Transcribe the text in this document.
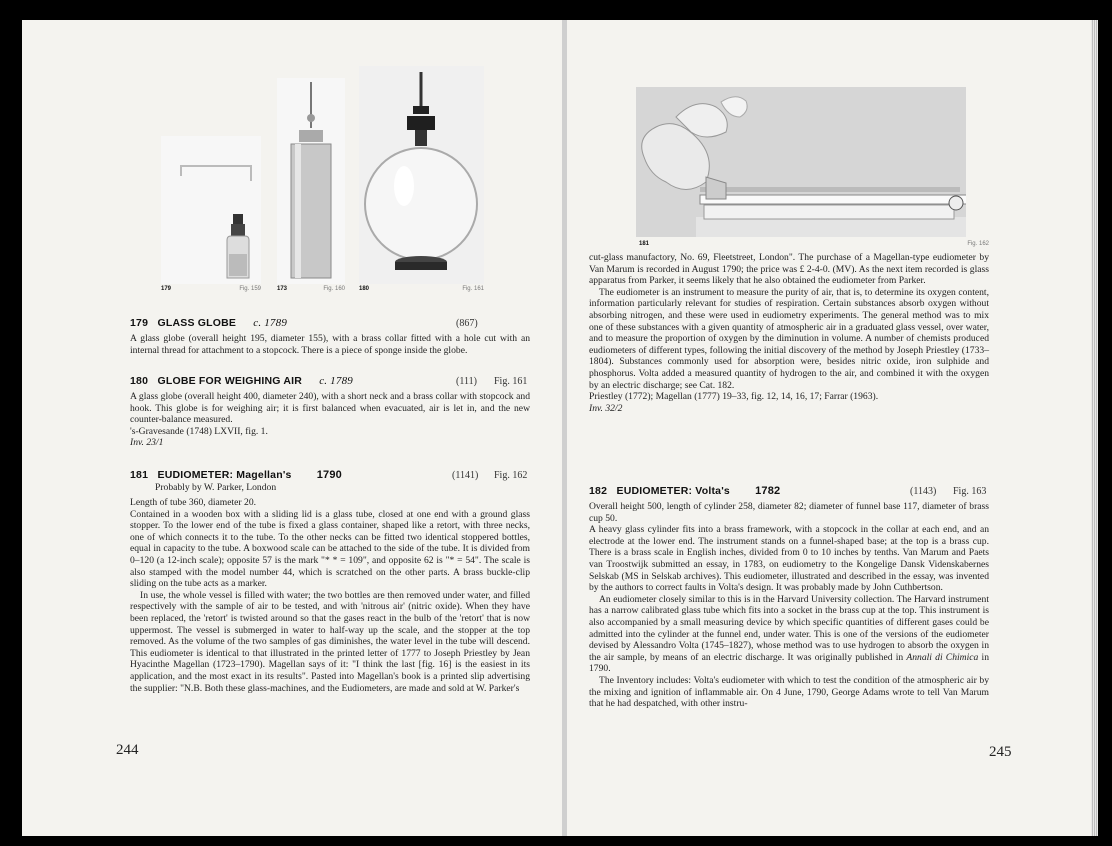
179	Fig. 159	173	Fig. 160 180	Fig. 161
179 GLASS GLOBE c. 1789	(867)

A glass globe (overall height 195, diameter 155), with a brass collar fitted with a hole cut with an internal thread for attachment to a stopcock. There is a piece of sponge inside the globe.

180 GLOBE FOR WEIGHING AIR c. 1789	(111) Fig. 161

A glass globe (overall height 400, diameter 240), with a short neck and a brass collar with stopcock and hook. This globe is for weighing air; it is first balanced when evacuated, air is let in, and the new counter-balance measured.

's-Gravesande (1748) LXVII, fig. 1.

Inv. 23/1

181 EUDIOMETER: Magellan's 1790	(1141) Fig. 162
Probably by W. Parker, London

Length of tube 360, diameter 20.

Contained in a wooden box with a sliding lid is a glass tube, closed at one end with a ground glass stopper. To the lower end of the tube is fixed a glass container, shaped like a retort, with three necks, one of which connects it to the tube. To the other necks can be fitted two identical stoppered bottles, equal in capacity to the tube. A boxwood scale can be attached to the side of the tube. It is divided from 0–120 (a 12-inch scale); opposite 57 is the mark "* * = 109", and opposite 62 is "* = 54". The scale is also stamped with the model number 44, which is scratched on the other parts. A brass buckle-clip sliding on the tube acts as a marker.

In use, the whole vessel is filled with water; the two bottles are then removed under water, and filled respectively with the sample of air to be tested, and with 'nitrous air' (nitric oxide). When they have been replaced, the 'retort' is twisted around so that the gases react in the bulb of the 'retort' that is now uppermost. The vessel is submerged in water to half-way up the scale, and the stopper at the top removed. As the volume of the two samples of gas diminishes, the water level in the tube will descend. This eudiometer is identical to that illustrated in the printed letter of 1777 to Joseph Priestley by Jean Hyacinthe Magellan (1723–1790). Magellan says of it: "I think the last [fig. 16] is the easiest in its application, and the most exact in its results". Pasted into Magellan's book is a printed slip advertising the supplier: "N.B. Both these glass-machines, and the Eudiometers, are made and sold at W. Parker's

244
181	Fig. 162

cut-glass manufactory, No. 69, Fleetstreet, London". The purchase of a Magellan-type eudiometer by Van Marum is recorded in August 1790; the price was £ 2-4-0. (MV). As the next item recorded is glass apparatus from Parker, it seems likely that he also obtained the eudiometer from Parker.

The eudiometer is an instrument to measure the purity of air, that is, to determine its oxygen content, information particularly relevant for studies of respiration. Certain substances absorb oxygen without absorbing nitrogen, and these were used in eudiometry experiments. The general method was to mix one of these substances with a given quantity of atmospheric air in a graduated glass vessel, over water, and to measure the proportion of oxygen by the diminution in volume. A number of chemists produced eudiometers of different types, following the initial discovery of the method by Joseph Priestley (1733–1804). Substances commonly used for absorption were, besides nitric oxide, iron sulphide and phosphorus. Volta added a measured quantity of hydrogen to the air, and combined it with the oxygen by an electric discharge; see Cat. 182.

Priestley (1772); Magellan (1777) 19–33, fig. 12, 14, 16, 17; Farrar (1963).

Inv. 32/2

182 EUDIOMETER: Volta's 1782	(1143) Fig. 163

Overall height 500, length of cylinder 258, diameter 82; diameter of funnel base 117, diameter of brass cup 50.

A heavy glass cylinder fits into a brass framework, with a stopcock in the collar at each end, and an electrode at the lower end. The instrument stands on a funnel-shaped base; at the top is a brass cup. There is a brass scale in English inches, divided from 0 to 10 inches by tenths. Van Marum and Paets van Troostwijk submitted an essay, in 1783, on eudiometry to the Kongelige Dansk Videnskabernes Selskab (MS in Selskab archives). This eudiometer, illustrated and described in the essay, was invented by the authors to correct faults in Volta's design. It was probably made by John Cuthbertson.

An eudiometer closely similar to this is in the Harvard University collection. The Harvard instrument has a narrow calibrated glass tube which fits into a socket in the brass cup at the top. This instrument is also accompanied by a small measuring device by which specific quantities of different gases could be admitted into the cylinder at the funnel end, under water. This is one of the versions of the eudiometer devised by Alessandro Volta (1745–1827), whose method was to use hydrogen to absorb the oxygen in the air sample, by means of an electric discharge. It was originally published in Annali di Chimica in 1790.

The Inventory includes: Volta's eudiometer with which to test the condition of the atmospheric air by the mixing and ignition of inflammable air. On 4 June, 1790, George Adams wrote to tell Van Marum that he had despatched, with other instru-

245
